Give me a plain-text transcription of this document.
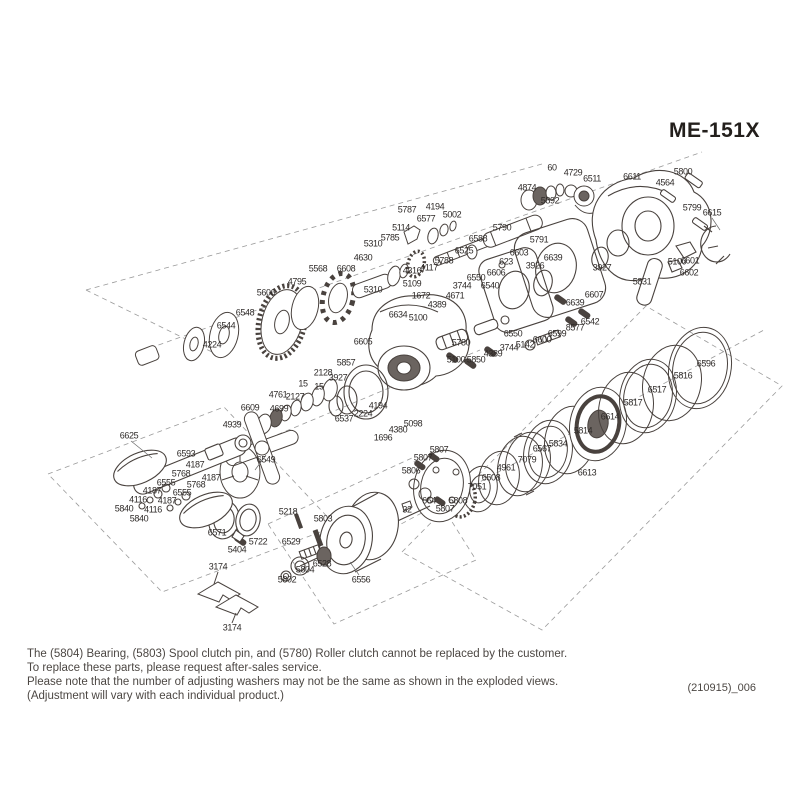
ME-151X
4874
60 4729
5892
6511 6611
4564
5800
5799 6615
5100
6601
6602
5831
3927
6607
6639
6639
6542
8577
5787 4194
6577 5002
5114	5790
5791
5785	6588
6525	6603
623 3926
5788
4117
4316
5109
1672 4671
5310
4630
6608
5568
4795
5310
6606
6550
6540
3744
5606
6548
6544
4224
6634 5100
4389
6605
5857
3927
5780
5100 5850
4389
3744
5142
6550
6600
6599
2128
15 15
2127
4761
6609 4699
4939
6549
6537 2224
4194
5098
4380
1696
6596
5816
6517
5817
6614
5814
5834
6567
6613
7079
4961
6508
7051
5807
5807
5806
664 5808
5807
32
6625
6593
4187
5768
6555
4187
4116
5840
4187
5768
6555
4187
4116
5840
6571
5404
5722
3174
3174
5218
5803
6529
6528
5804
5802	6556

The (5804) Bearing, (5803) Spool clutch pin, and (5780) Roller clutch cannot be replaced by the customer.

To replace these parts, please request after-sales service.

Please note that the number of adjusting washers may not be the same as shown in the exploded views.

(Adjustment will vary with each individual product.)

(210915)_006
